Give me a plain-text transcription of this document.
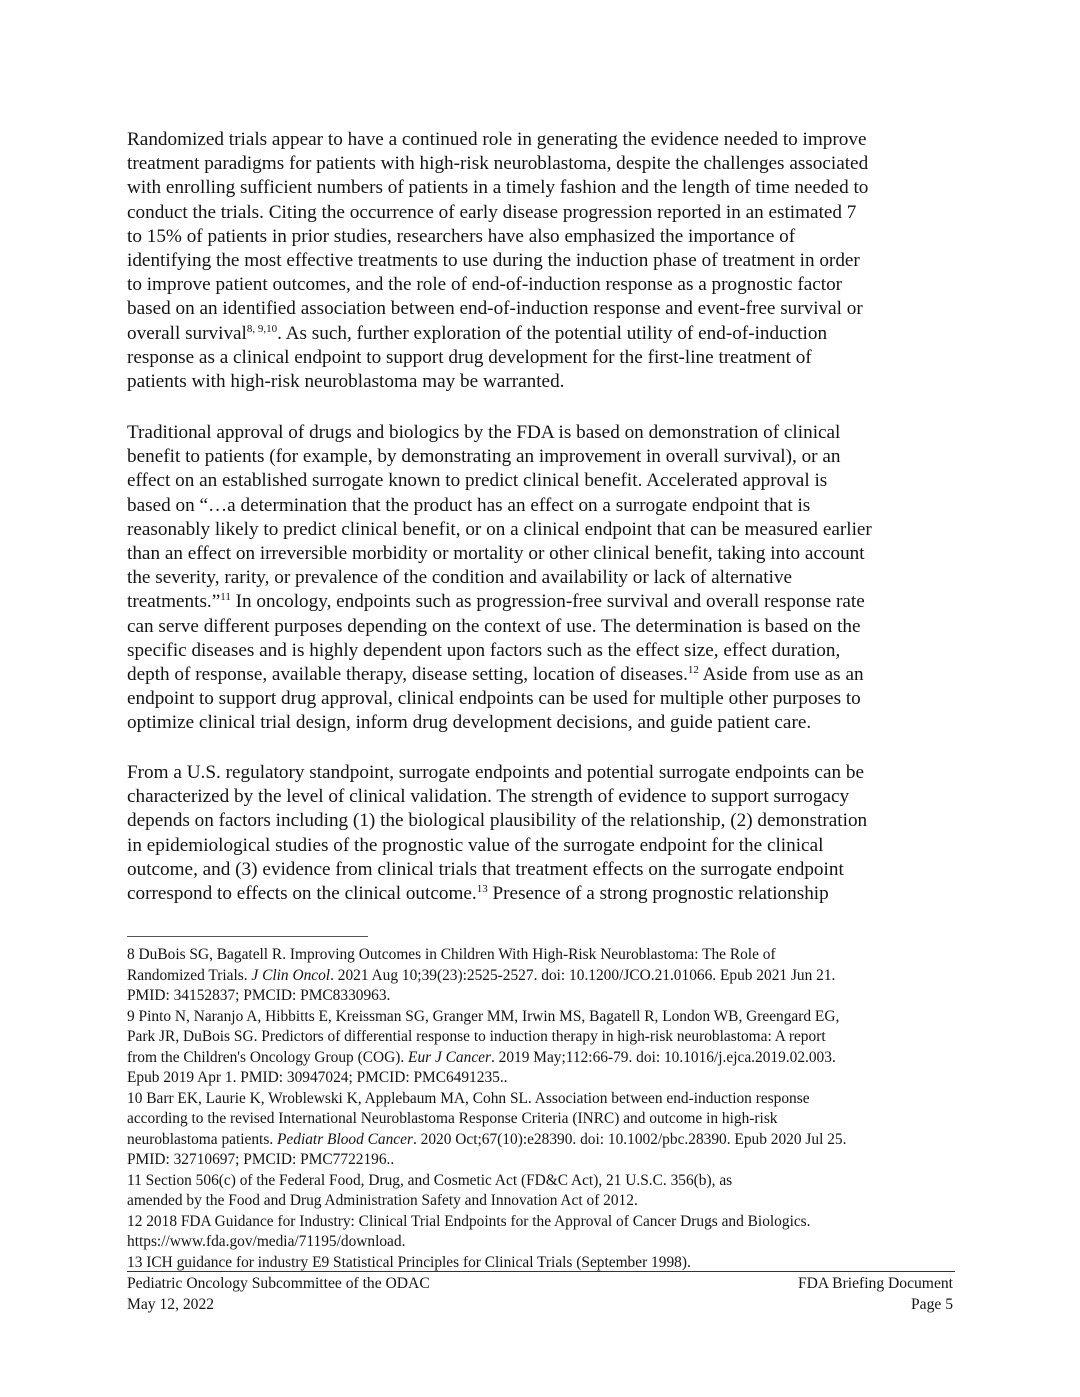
Randomized trials appear to have a continued role in generating the evidence needed to improve
treatment paradigms for patients with high-risk neuroblastoma, despite the challenges associated
with enrolling sufficient numbers of patients in a timely fashion and the length of time needed to
conduct the trials. Citing the occurrence of early disease progression reported in an estimated 7
to 15% of patients in prior studies, researchers have also emphasized the importance of
identifying the most effective treatments to use during the induction phase of treatment in order
to improve patient outcomes, and the role of end-of-induction response as a prognostic factor
based on an identified association between end-of-induction response and event-free survival or
overall survival$^{8, 9,10}$. As such, further exploration of the potential utility of end-of-induction
response as a clinical endpoint to support drug development for the first-line treatment of
patients with high-risk neuroblastoma may be warranted.
Traditional approval of drugs and biologics by the FDA is based on demonstration of clinical
benefit to patients (for example, by demonstrating an improvement in overall survival), or an
effect on an established surrogate known to predict clinical benefit. Accelerated approval is
based on “…a determination that the product has an effect on a surrogate endpoint that is
reasonably likely to predict clinical benefit, or on a clinical endpoint that can be measured earlier
than an effect on irreversible morbidity or mortality or other clinical benefit, taking into account
the severity, rarity, or prevalence of the condition and availability or lack of alternative
treatments.”$^{11}$ In oncology, endpoints such as progression-free survival and overall response rate
can serve different purposes depending on the context of use. The determination is based on the
specific diseases and is highly dependent upon factors such as the effect size, effect duration,
depth of response, available therapy, disease setting, location of diseases.$^{12}$ Aside from use as an
endpoint to support drug approval, clinical endpoints can be used for multiple other purposes to
optimize clinical trial design, inform drug development decisions, and guide patient care.
From a U.S. regulatory standpoint, surrogate endpoints and potential surrogate endpoints can be
characterized by the level of clinical validation. The strength of evidence to support surrogacy
depends on factors including (1) the biological plausibility of the relationship, (2) demonstration
in epidemiological studies of the prognostic value of the surrogate endpoint for the clinical
outcome, and (3) evidence from clinical trials that treatment effects on the surrogate endpoint
correspond to effects on the clinical outcome.$^{13}$ Presence of a strong prognostic relationship
8 DuBois SG, Bagatell R. Improving Outcomes in Children With High-Risk Neuroblastoma: The Role of
Randomized Trials. J Clin Oncol. 2021 Aug 10;39(23):2525-2527. doi: 10.1200/JCO.21.01066. Epub 2021 Jun 21.
PMID: 34152837; PMCID: PMC8330963.
9 Pinto N, Naranjo A, Hibbitts E, Kreissman SG, Granger MM, Irwin MS, Bagatell R, London WB, Greengard EG,
Park JR, DuBois SG. Predictors of differential response to induction therapy in high-risk neuroblastoma: A report
from the Children's Oncology Group (COG). Eur J Cancer. 2019 May;112:66-79. doi: 10.1016/j.ejca.2019.02.003.
Epub 2019 Apr 1. PMID: 30947024; PMCID: PMC6491235..
10 Barr EK, Laurie K, Wroblewski K, Applebaum MA, Cohn SL. Association between end-induction response
according to the revised International Neuroblastoma Response Criteria (INRC) and outcome in high-risk
neuroblastoma patients. Pediatr Blood Cancer. 2020 Oct;67(10):e28390. doi: 10.1002/pbc.28390. Epub 2020 Jul 25.
PMID: 32710697; PMCID: PMC7722196..
11 Section 506(c) of the Federal Food, Drug, and Cosmetic Act (FD&C Act), 21 U.S.C. 356(b), as
amended by the Food and Drug Administration Safety and Innovation Act of 2012.
12 2018 FDA Guidance for Industry: Clinical Trial Endpoints for the Approval of Cancer Drugs and Biologics.
https://www.fda.gov/media/71195/download.
13 ICH guidance for industry E9 Statistical Principles for Clinical Trials (September 1998).
Pediatric Oncology Subcommittee of the ODAC	FDA Briefing Document
May 12, 2022	Page 5
